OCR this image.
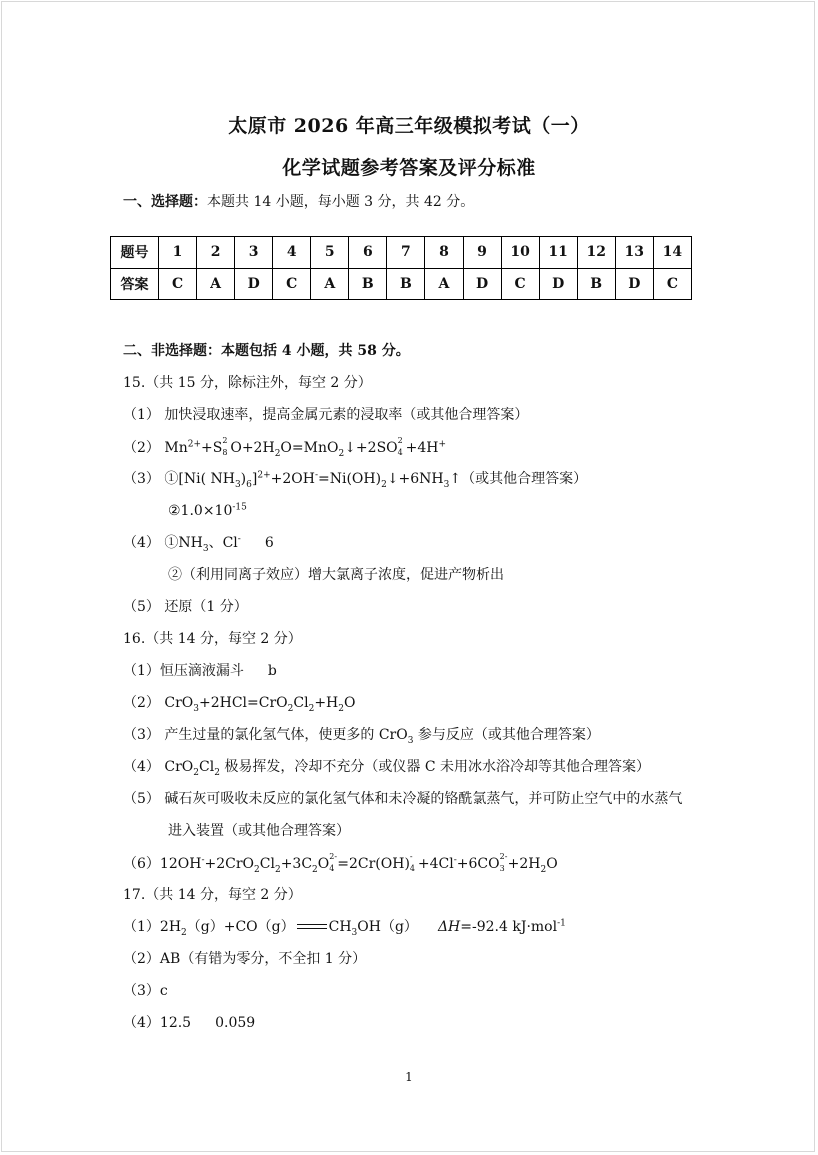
太原市 2026 年高三年级模拟考试（一）
化学试题参考答案及评分标准
一、选择题：本题共 14 小题，每小题 3 分，共 42 分。
题号	1	2	3	4	5	6	7	8	9	10	11	12	13	14
答案	C	A	D	C	A	B	B	A	D	C	D	B	D	C
二、非选择题：本题包括 4 小题，共 58 分。
15.（共 15 分，除标注外，每空 2 分）
（1） 加快浸取速率，提高金属元素的浸取率（或其他合理答案）
（2） $Mn^{2+}+S$ 2
8 $O+2H_2O=MnO_2↓+2SO$ 2
4 +4H+
（3） ①[Ni( $NH_3)_6]^{2+}+2OH^-=Ni(OH)_2↓+6NH_3↑$（或其他合理答案）
$②1.0\times 10^{-15}$
（4） $①NH_3$、Cl- 6
②（利用同离子效应）增大氯离子浓度，促进产物析出
（5） 还原（1 分）
16.（共 14 分，每空 2 分）
（1）恒压滴液漏斗 b
（2） $CrO_3+2HCl=CrO_2Cl_2+H_2O$
（3） 产生过量的氯化氢气体，使更多的 CrO$_3$ 参与反应（或其他合理答案）
（4） $CrO_2Cl_2$ 极易挥发，冷却不充分（或仪器 C 未用冰水浴冷却等其他合理答案）
（5） 碱石灰可吸收未反应的氯化氢气体和未冷凝的铬酰氯蒸气，并可防止空气中的水蒸气
进入装置（或其他合理答案）
$(6)12OH^-+2CrO_2Cl_2+3C_2O$ 2-
4 =2Cr(OH) -
4 +4Cl-+6CO 2-
$3 +2H_2O$
17.（共 14 分，每空 2 分）
$(1)2H_2(g)+CO(g)$ $CH_3OH(g)$ ΔH=-92.4 kJ·mol$^{-1}$
（2）AB（有错为零分，不全扣 1 分）
（3）c
（4）12.5 0.059
1
